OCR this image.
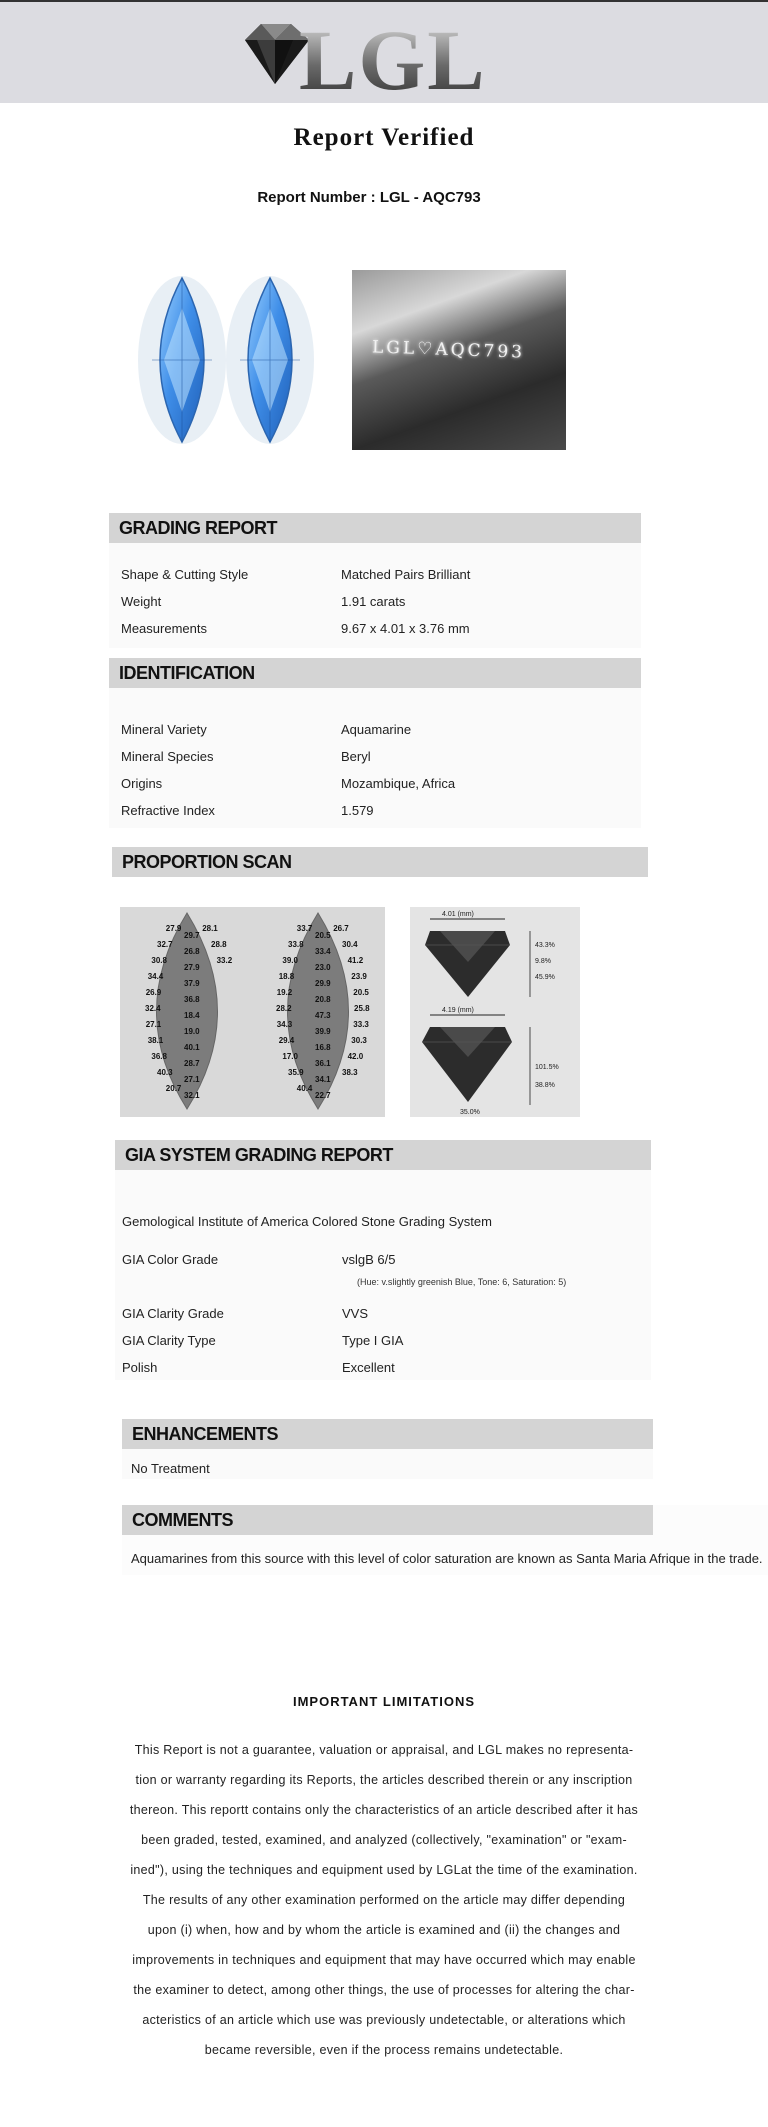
LGL
Report Verified
Report Number : LGL - AQC793
LGL♡AQC793
GRADING REPORT
Shape & Cutting Style	Matched Pairs Brilliant
Weight	1.91 carats
Measurements	9.67 x 4.01 x 3.76 mm
IDENTIFICATION
Mineral Variety	Aquamarine
Mineral Species	Beryl
Origins	Mozambique, Africa
Refractive Index	1.579
PROPORTION SCAN
27.9
32.7
30.8
34.4
26.9
32.4
27.1
38.1
36.8
40.3
20.7
29.7
26.8
27.9
37.9
36.8
18.4
19.0
40.1
28.7
27.1
32.1
28.1
28.8
33.2
33.7
33.8
39.0
18.8
19.2
28.2
34.3
29.4
17.0
35.9
40.4
20.5
33.4
23.0
29.9
20.8
47.3
39.9
16.8
36.1
34.1
22.7
26.7
30.4
41.2
23.9
20.5
25.8
33.3
30.3
42.0
38.3
4.01 (mm)
4.19 (mm)
43.3%
9.8%
45.9%
101.5%
38.8%
35.0%
GIA SYSTEM GRADING REPORT
Gemological Institute of America Colored Stone Grading System
GIA Color Grade	vslgB 6/5
(Hue: v.slightly greenish Blue, Tone: 6, Saturation: 5)
GIA Clarity Grade	VVS
GIA Clarity Type	Type I GIA
Polish	Excellent
ENHANCEMENTS
No Treatment
COMMENTS
Aquamarines from this source with this level of color saturation are known as Santa Maria Afrique in the trade.
IMPORTANT LIMITATIONS
This Report is not a guarantee, valuation or appraisal, and LGL makes no representa-
tion or warranty regarding its Reports, the articles described therein or any inscription
thereon. This reportt contains only the characteristics of an article described after it has
been graded, tested, examined, and analyzed (collectively, "examination" or "exam-
ined"), using the techniques and equipment used by LGLat the time of the examination.
The results of any other examination performed on the article may differ depending
upon (i) when, how and by whom the article is examined and (ii) the changes and
improvements in techniques and equipment that may have occurred which may enable
the examiner to detect, among other things, the use of processes for altering the char-
acteristics of an article which use was previously undetectable, or alterations which
became reversible, even if the process remains undetectable.
